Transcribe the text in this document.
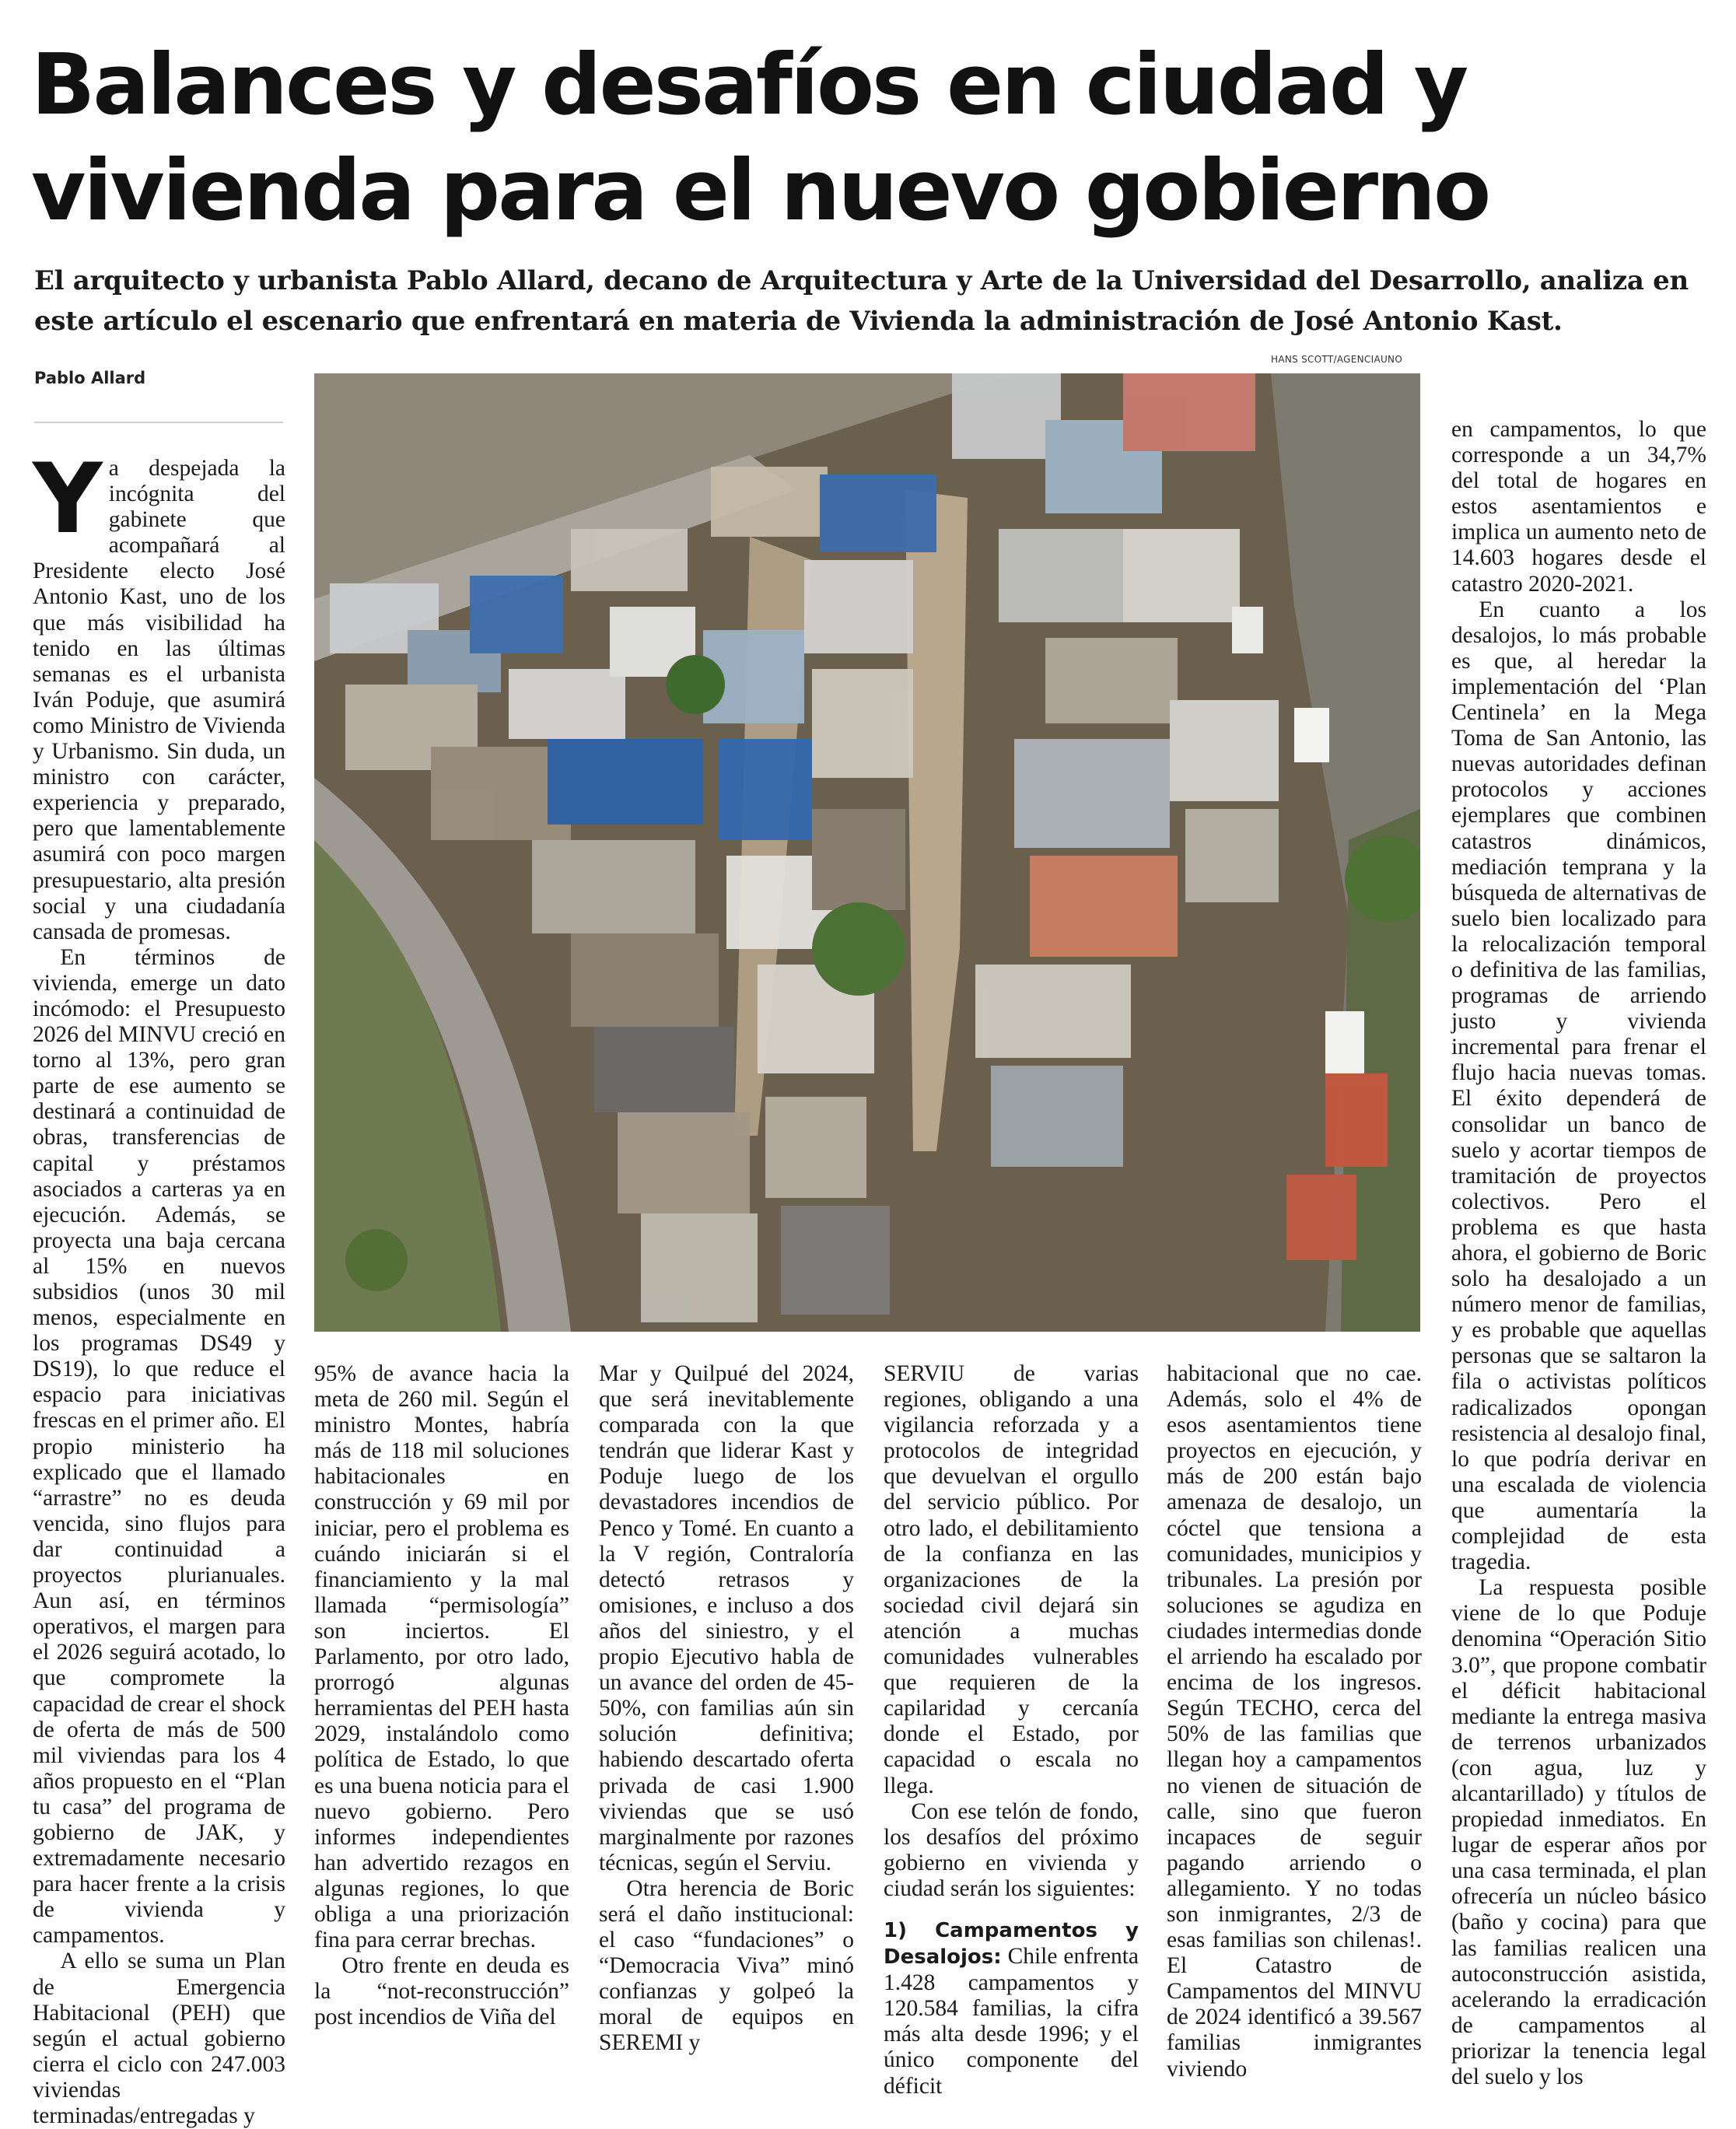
Balances y desafíos en ciudad y vivienda para el nuevo gobierno

El arquitecto y urbanista Pablo Allard, decano de Arquitectura y Arte de la Universidad del Desarrollo, analiza en este artículo el escenario que enfrentará en materia de Vivienda la administración de José Antonio Kast.

Pablo Allard
HANS SCOTT/AGENCIAUNO

Ya despejada la incógnita del gabinete que acompañará al Presidente electo José Antonio Kast, uno de los que más visibilidad ha tenido en las últimas semanas es el urbanista Iván Poduje, que asumirá como Ministro de Vivienda y Urbanismo. Sin duda, un ministro con carácter, experiencia y preparado, pero que lamentablemente asumirá con poco margen presupuestario, alta presión social y una ciudadanía cansada de promesas.

En términos de vivienda, emerge un dato incómodo: el Presupuesto 2026 del MINVU creció en torno al 13%, pero gran parte de ese aumento se destinará a continuidad de obras, transferencias de capital y préstamos asociados a carteras ya en ejecución. Además, se proyecta una baja cercana al 15% en nuevos subsidios (unos 30 mil menos, especialmente en los programas DS49 y DS19), lo que reduce el espacio para iniciativas frescas en el primer año. El propio ministerio ha explicado que el llamado “arrastre” no es deuda vencida, sino flujos para dar continuidad a proyectos plurianuales. Aun así, en términos operativos, el margen para el 2026 seguirá acotado, lo que compromete la capacidad de crear el shock de oferta de más de 500 mil viviendas para los 4 años propuesto en el “Plan tu casa” del programa de gobierno de JAK, y extremadamente necesario para hacer frente a la crisis de vivienda y campamentos.

A ello se suma un Plan de Emergencia Habitacional (PEH) que según el actual gobierno cierra el ciclo con 247.003 viviendas terminadas/entregadas y

95% de avance hacia la meta de 260 mil. Según el ministro Montes, habría más de 118 mil soluciones habitacionales en construcción y 69 mil por iniciar, pero el problema es cuándo iniciarán si el financiamiento y la mal llamada “permisología” son inciertos. El Parlamento, por otro lado, prorrogó algunas herramientas del PEH hasta 2029, instalándolo como política de Estado, lo que es una buena noticia para el nuevo gobierno. Pero informes independientes han advertido rezagos en algunas regiones, lo que obliga a una priorización fina para cerrar brechas.

Otro frente en deuda es la “not-reconstrucción” post incendios de Viña del

Mar y Quilpué del 2024, que será inevitablemente comparada con la que tendrán que liderar Kast y Poduje luego de los devastadores incendios de Penco y Tomé. En cuanto a la V región, Contraloría detectó retrasos y omisiones, e incluso a dos años del siniestro, y el propio Ejecutivo habla de un avance del orden de 45-50%, con familias aún sin solución definitiva; habiendo descartado oferta privada de casi 1.900 viviendas que se usó marginalmente por razones técnicas, según el Serviu.

Otra herencia de Boric será el daño institucional: el caso “fundaciones” o “Democracia Viva” minó confianzas y golpeó la moral de equipos en SEREMI y

SERVIU de varias regiones, obligando a una vigilancia reforzada y a protocolos de integridad que devuelvan el orgullo del servicio público. Por otro lado, el debilitamiento de la confianza en las organizaciones de la sociedad civil dejará sin atención a muchas comunidades vulnerables que requieren de la capilaridad y cercanía donde el Estado, por capacidad o escala no llega.

Con ese telón de fondo, los desafíos del próximo gobierno en vivienda y ciudad serán los siguientes:

1) Campamentos y Desalojos: Chile enfrenta 1.428 campamentos y 120.584 familias, la cifra más alta desde 1996; y el único componente del déficit

habitacional que no cae. Además, solo el 4% de esos asentamientos tiene proyectos en ejecución, y más de 200 están bajo amenaza de desalojo, un cóctel que tensiona a comunidades, municipios y tribunales. La presión por soluciones se agudiza en ciudades intermedias donde el arriendo ha escalado por encima de los ingresos. Según TECHO, cerca del 50% de las familias que llegan hoy a campamentos no vienen de situación de calle, sino que fueron incapaces de seguir pagando arriendo o allegamiento. Y no todas son inmigrantes, 2/3 de esas familias son chilenas!. El Catastro de Campamentos del MINVU de 2024 identificó a 39.567 familias inmigrantes viviendo

en campamentos, lo que corresponde a un 34,7% del total de hogares en estos asentamientos e implica un aumento neto de 14.603 hogares desde el catastro 2020-2021.

En cuanto a los desalojos, lo más probable es que, al heredar la implementación del ‘Plan Centinela’ en la Mega Toma de San Antonio, las nuevas autoridades definan protocolos y acciones ejemplares que combinen catastros dinámicos, mediación temprana y la búsqueda de alternativas de suelo bien localizado para la relocalización temporal o definitiva de las familias, programas de arriendo justo y vivienda incremental para frenar el flujo hacia nuevas tomas. El éxito dependerá de consolidar un banco de suelo y acortar tiempos de tramitación de proyectos colectivos. Pero el problema es que hasta ahora, el gobierno de Boric solo ha desalojado a un número menor de familias, y es probable que aquellas personas que se saltaron la fila o activistas políticos radicalizados opongan resistencia al desalojo final, lo que podría derivar en una escalada de violencia que aumentaría la complejidad de esta tragedia.

La respuesta posible viene de lo que Poduje denomina “Operación Sitio 3.0”, que propone combatir el déficit habitacional mediante la entrega masiva de terrenos urbanizados (con agua, luz y alcantarillado) y títulos de propiedad inmediatos. En lugar de esperar años por una casa terminada, el plan ofrecería un núcleo básico (baño y cocina) para que las familias realicen una autoconstrucción asistida, acelerando la erradicación de campamentos al priorizar la tenencia legal del suelo y los
